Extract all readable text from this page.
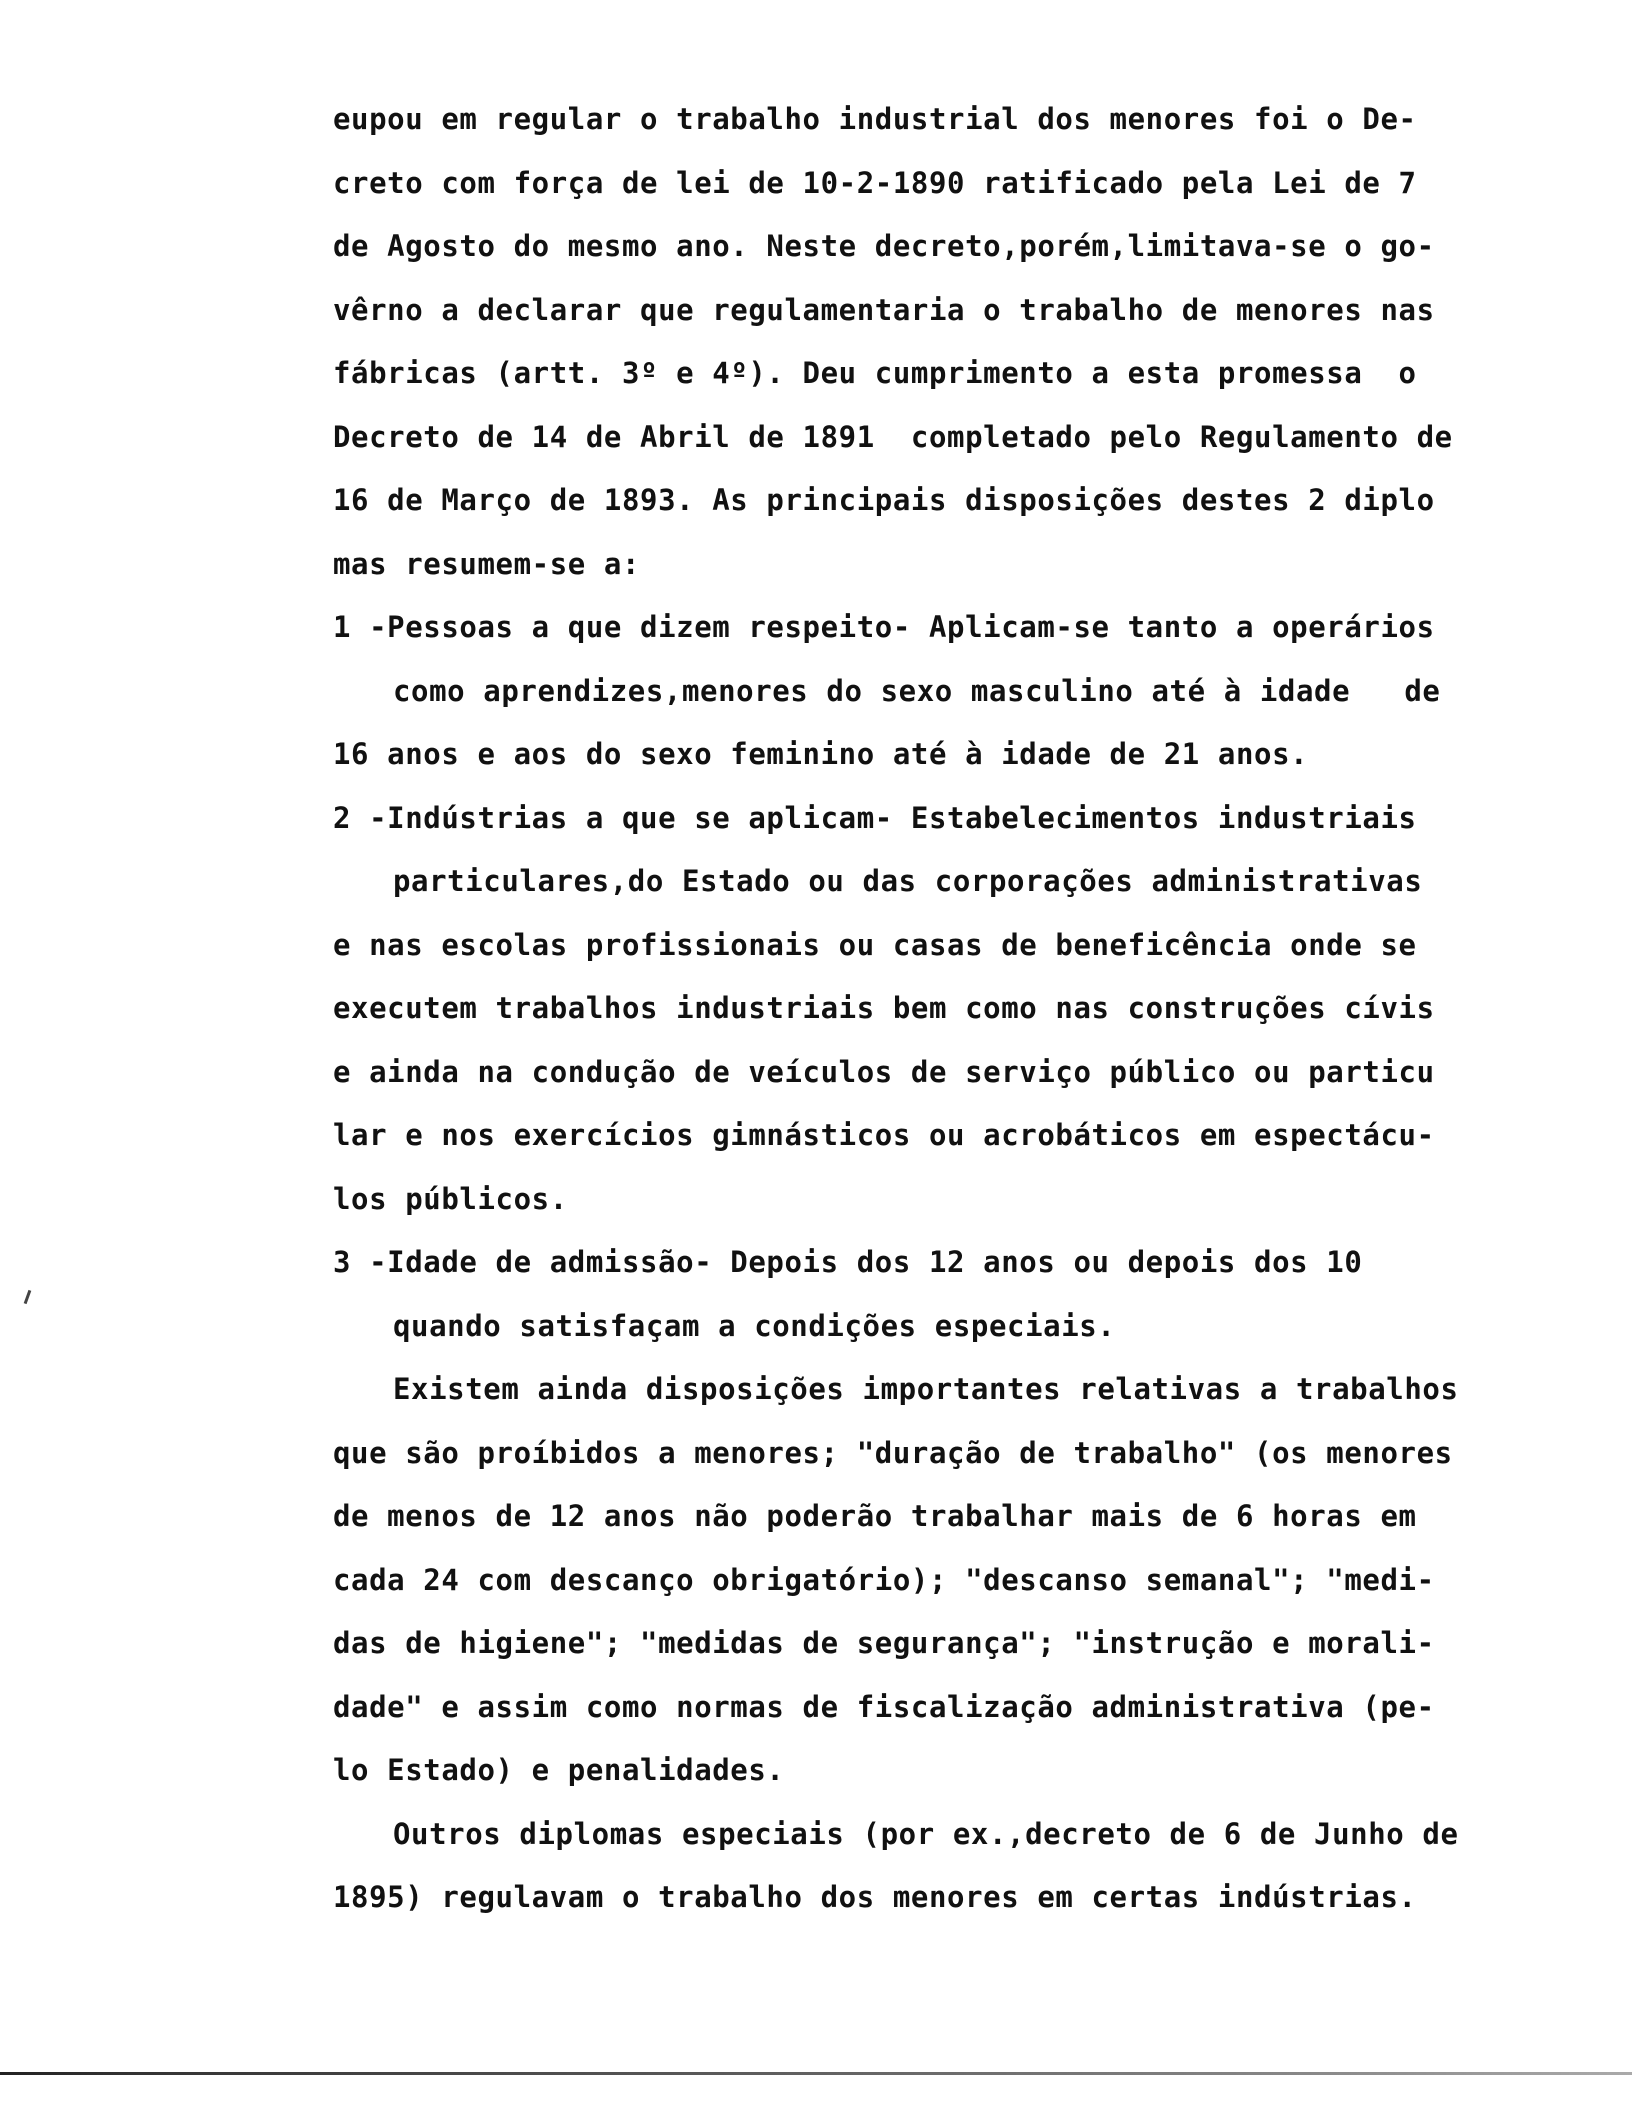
eupou em regular o trabalho industrial dos menores foi o De-
creto com força de lei de 10-2-1890 ratificado pela Lei de 7
de Agosto do mesmo ano. Neste decreto,porém,limitava-se o go-
vêrno a declarar que regulamentaria o trabalho de menores nas
fábricas (artt. 3º e 4º). Deu cumprimento a esta promessa  o
Decreto de 14 de Abril de 1891  completado pelo Regulamento de
16 de Março de 1893. As principais disposições destes 2 diplo
mas resumem-se a:
1 -Pessoas a que dizem respeito- Aplicam-se tanto a operários
como aprendizes,menores do sexo masculino até à idade   de
16 anos e aos do sexo feminino até à idade de 21 anos.
2 -Indústrias a que se aplicam- Estabelecimentos industriais
particulares,do Estado ou das corporações administrativas
e nas escolas profissionais ou casas de beneficência onde se
executem trabalhos industriais bem como nas construções cívis
e ainda na condução de veículos de serviço público ou particu
lar e nos exercícios gimnásticos ou acrobáticos em espectácu-
los públicos.
3 -Idade de admissão- Depois dos 12 anos ou depois dos 10
quando satisfaçam a condições especiais.
Existem ainda disposições importantes relativas a trabalhos
que são proíbidos a menores; "duração de trabalho" (os menores
de menos de 12 anos não poderão trabalhar mais de 6 horas em
cada 24 com descanço obrigatório); "descanso semanal"; "medi-
das de higiene"; "medidas de segurança"; "instrução e morali-
dade" e assim como normas de fiscalização administrativa (pe-
lo Estado) e penalidades.
Outros diplomas especiais (por ex.,decreto de 6 de Junho de
1895) regulavam o trabalho dos menores em certas indústrias.
